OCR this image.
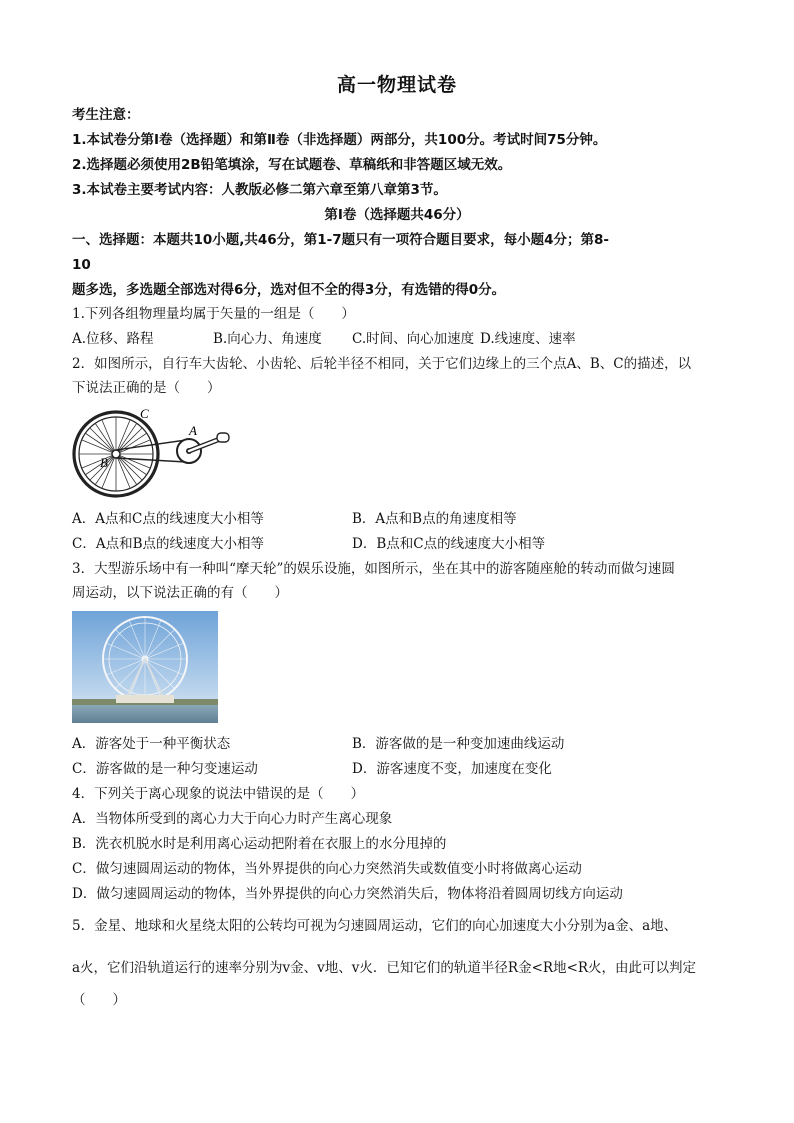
高一物理试卷
考生注意：
1.本试卷分第Ⅰ卷（选择题）和第Ⅱ卷（非选择题）两部分，共100分。考试时间75分钟。
2.选择题必须使用2B铅笔填涂，写在试题卷、草稿纸和非答题区域无效。
3.本试卷主要考试内容：人教版必修二第六章至第八章第3节。
第Ⅰ卷（选择题共46分）
一、选择题：本题共10小题,共46分，第1-7题只有一项符合题目要求，每小题4分；第8-
10
题多选，多选题全部选对得6分，选对但不全的得3分，有选错的得0分。
1.下列各组物理量均属于矢量的一组是（　　）
A.位移、路程	B.向心力、角速度 C.时间、向心加速度 D.线速度、速率
2．如图所示，自行车大齿轮、小齿轮、后轮半径不相同，关于它们边缘上的三个点A、B、C的描述，以
下说法正确的是（　　）
C
A
B
A．A点和C点的线速度大小相等	B．A点和B点的角速度相等
C．A点和B点的线速度大小相等	D．B点和C点的线速度大小相等
3．大型游乐场中有一种叫“摩天轮”的娱乐设施，如图所示，坐在其中的游客随座舱的转动而做匀速圆
周运动，以下说法正确的有（　　）
A．游客处于一种平衡状态	B．游客做的是一种变加速曲线运动
C．游客做的是一种匀变速运动	D．游客速度不变，加速度在变化
4．下列关于离心现象的说法中错误的是（　　）
A．当物体所受到的离心力大于向心力时产生离心现象
B．洗衣机脱水时是利用离心运动把附着在衣服上的水分甩掉的
C．做匀速圆周运动的物体，当外界提供的向心力突然消失或数值变小时将做离心运动
D．做匀速圆周运动的物体，当外界提供的向心力突然消失后，物体将沿着圆周切线方向运动
5．金星、地球和火星绕太阳的公转均可视为匀速圆周运动，它们的向心加速度大小分别为a金、a地、
a火，它们沿轨道运行的速率分别为v金、v地、v火．已知它们的轨道半径R金<R地<R火，由此可以判定
（　　）
